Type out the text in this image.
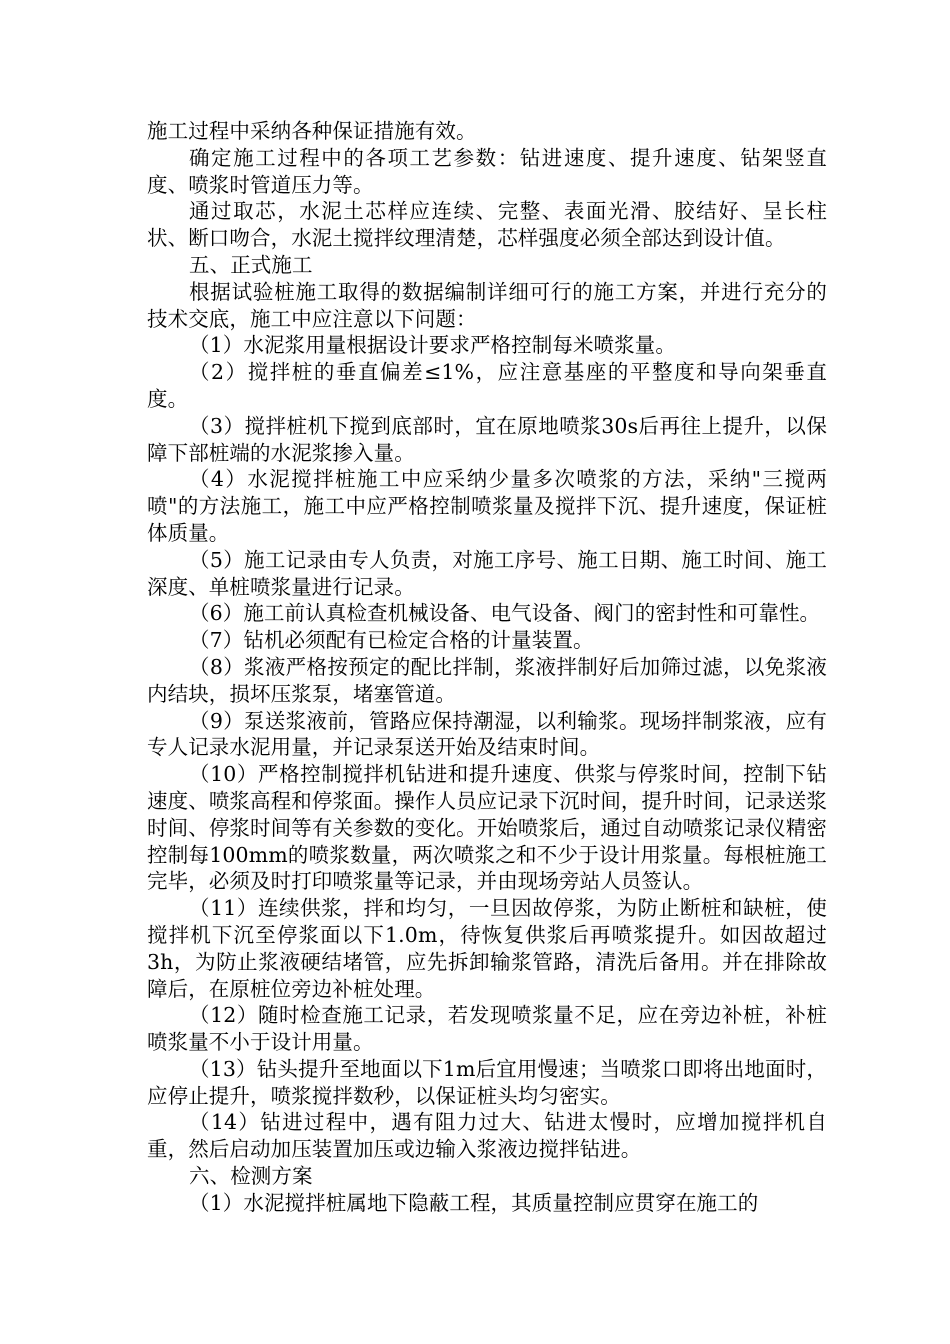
施工过程中采纳各种保证措施有效。

确定施工过程中的各项工艺参数：钻进速度、提升速度、钻架竖直度、喷浆时管道压力等。

通过取芯，水泥土芯样应连续、完整、表面光滑、胶结好、呈长柱状、断口吻合，水泥土搅拌纹理清楚，芯样强度必须全部达到设计值。

五、正式施工

根据试验桩施工取得的数据编制详细可行的施工方案，并进行充分的技术交底，施工中应注意以下问题：

（1）水泥浆用量根据设计要求严格控制每米喷浆量。

（2）搅拌桩的垂直偏差≤1%，应注意基座的平整度和导向架垂直度。

（3）搅拌桩机下搅到底部时，宜在原地喷浆30s后再往上提升，以保障下部桩端的水泥浆掺入量。

（4）水泥搅拌桩施工中应采纳少量多次喷浆的方法，采纳"三搅两喷"的方法施工，施工中应严格控制喷浆量及搅拌下沉、提升速度，保证桩体质量。

（5）施工记录由专人负责，对施工序号、施工日期、施工时间、施工深度、单桩喷浆量进行记录。

（6）施工前认真检查机械设备、电气设备、阀门的密封性和可靠性。

（7）钻机必须配有已检定合格的计量装置。

（8）浆液严格按预定的配比拌制，浆液拌制好后加筛过滤，以免浆液内结块，损坏压浆泵，堵塞管道。

（9）泵送浆液前，管路应保持潮湿，以利输浆。现场拌制浆液，应有专人记录水泥用量，并记录泵送开始及结束时间。

（10）严格控制搅拌机钻进和提升速度、供浆与停浆时间，控制下钻速度、喷浆高程和停浆面。操作人员应记录下沉时间，提升时间，记录送浆时间、停浆时间等有关参数的变化。开始喷浆后，通过自动喷浆记录仪精密控制每100mm的喷浆数量，两次喷浆之和不少于设计用浆量。每根桩施工完毕，必须及时打印喷浆量等记录，并由现场旁站人员签认。

（11）连续供浆，拌和均匀，一旦因故停浆，为防止断桩和缺桩，使搅拌机下沉至停浆面以下1.0m，待恢复供浆后再喷浆提升。如因故超过3h，为防止浆液硬结堵管，应先拆卸输浆管路，清洗后备用。并在排除故障后，在原桩位旁边补桩处理。

（12）随时检查施工记录，若发现喷浆量不足，应在旁边补桩，补桩喷浆量不小于设计用量。

（13）钻头提升至地面以下1m后宜用慢速；当喷浆口即将出地面时，应停止提升，喷浆搅拌数秒，以保证桩头均匀密实。

（14）钻进过程中，遇有阻力过大、钻进太慢时，应增加搅拌机自重，然后启动加压装置加压或边输入浆液边搅拌钻进。

六、检测方案

（1）水泥搅拌桩属地下隐蔽工程，其质量控制应贯穿在施工的
